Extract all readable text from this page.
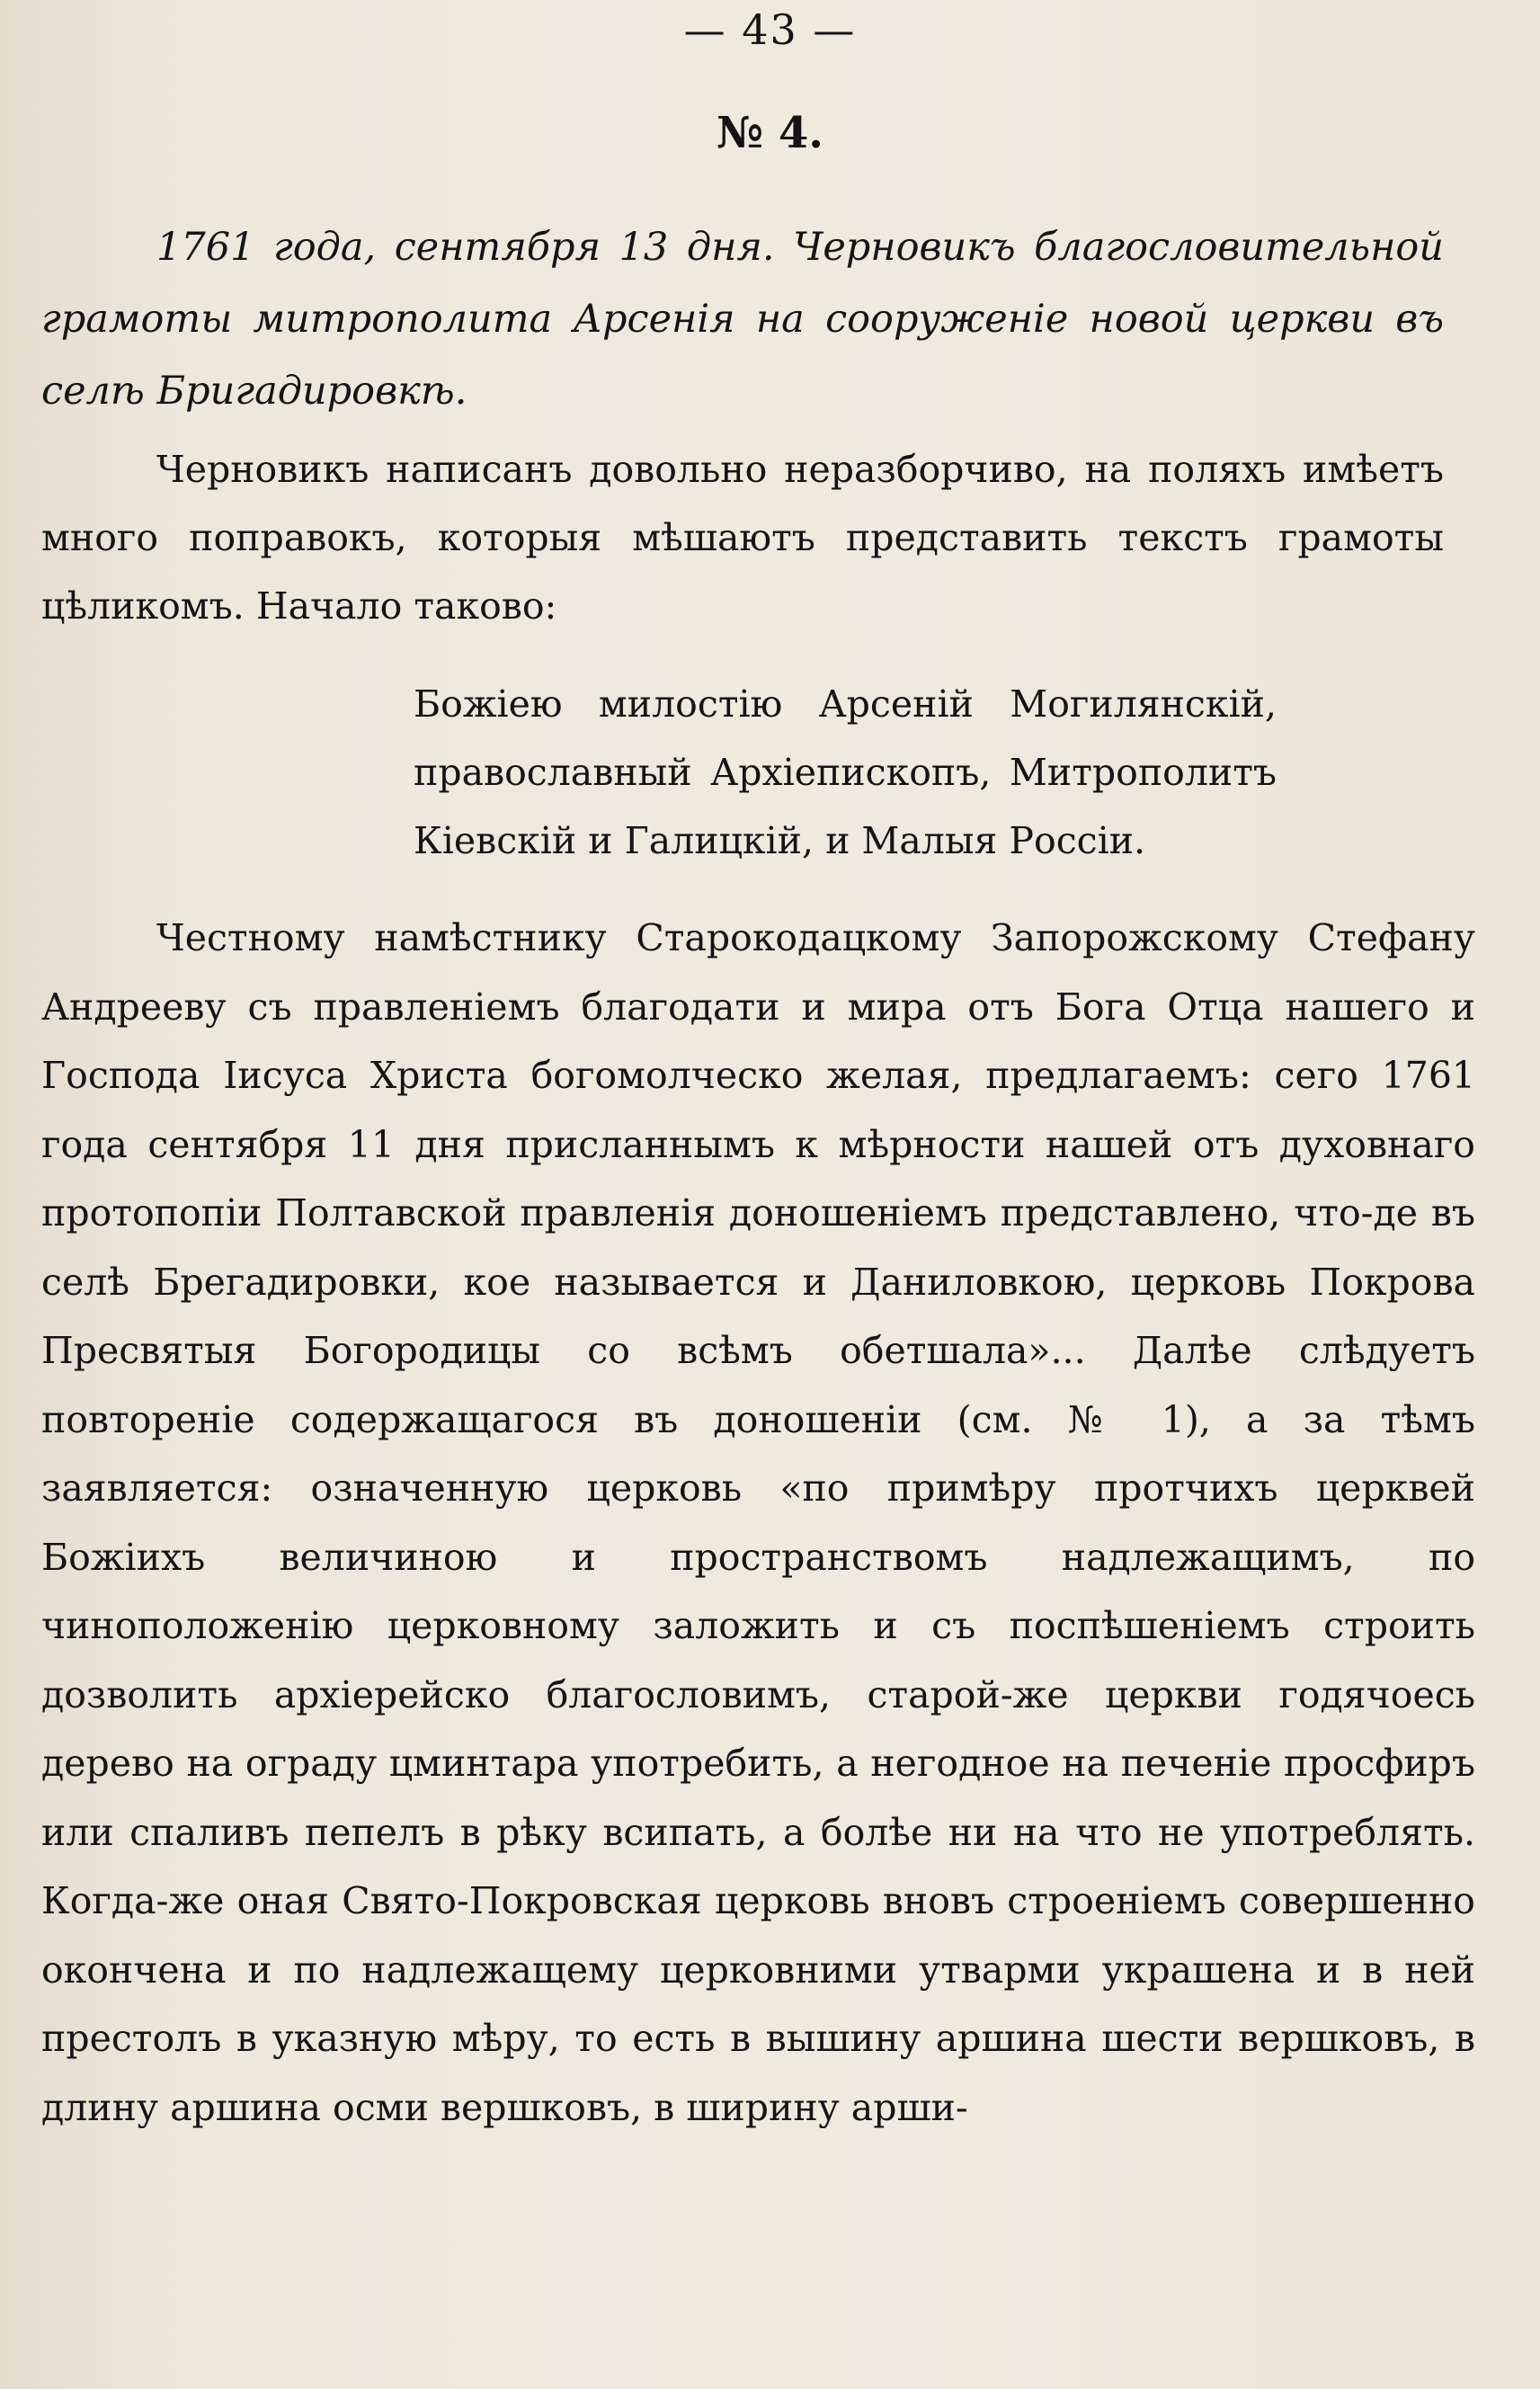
— 43 —
№ 4.

1761 года, сентября 13 дня. Черновикъ благословительной грамоты митрополита Арсенія на сооруженіе новой церкви въ селѣ Бригадировкѣ.

Черновикъ написанъ довольно неразборчиво, на поляхъ имѣетъ много поправокъ, которыя мѣшаютъ представить текстъ грамоты цѣликомъ. Начало таково:

Божіею милостію Арсеній Могилянскій, православный Архіепископъ, Митрополитъ Кіевскій и Галицкій, и Малыя Россіи.

Честному намѣстнику Старокодацкому Запорожскому Стефану Андрееву съ правленіемъ благодати и мира отъ Бога Отца нашего и Господа Іисуса Христа богомолческо желая, предлагаемъ: сего 1761 года сентября 11 дня присланнымъ к мѣрности нашей отъ духовнаго протопопіи Полтавской правленія доношеніемъ представлено, что-де въ селѣ Брегадировки, кое называется и Даниловкою, церковь Покрова Пресвятыя Богородицы со всѣмъ обетшала»... Далѣе слѣдуетъ повтореніе содержащагося въ доношеніи (см. № 1), а за тѣмъ заявляется: означенную церковь «по примѣру протчихъ церквей Божіихъ величиною и пространствомъ надлежащимъ, по чиноположенію церковному заложить и съ поспѣшеніемъ строить дозволить архіерейско благословимъ, старой-же церкви годячоесь дерево на ограду цминтара употребить, а негодное на печеніе просфиръ или спаливъ пепелъ в рѣку всипать, а болѣе ни на что не употреблять. Когда-же оная Свято-Покровская церковь вновъ строеніемъ совершенно окончена и по надлежащему церковними утварми украшена и в ней престолъ в указную мѣру, то есть в вышину аршина шести вершковъ, в длину аршина осми вершковъ, в ширину арши-
